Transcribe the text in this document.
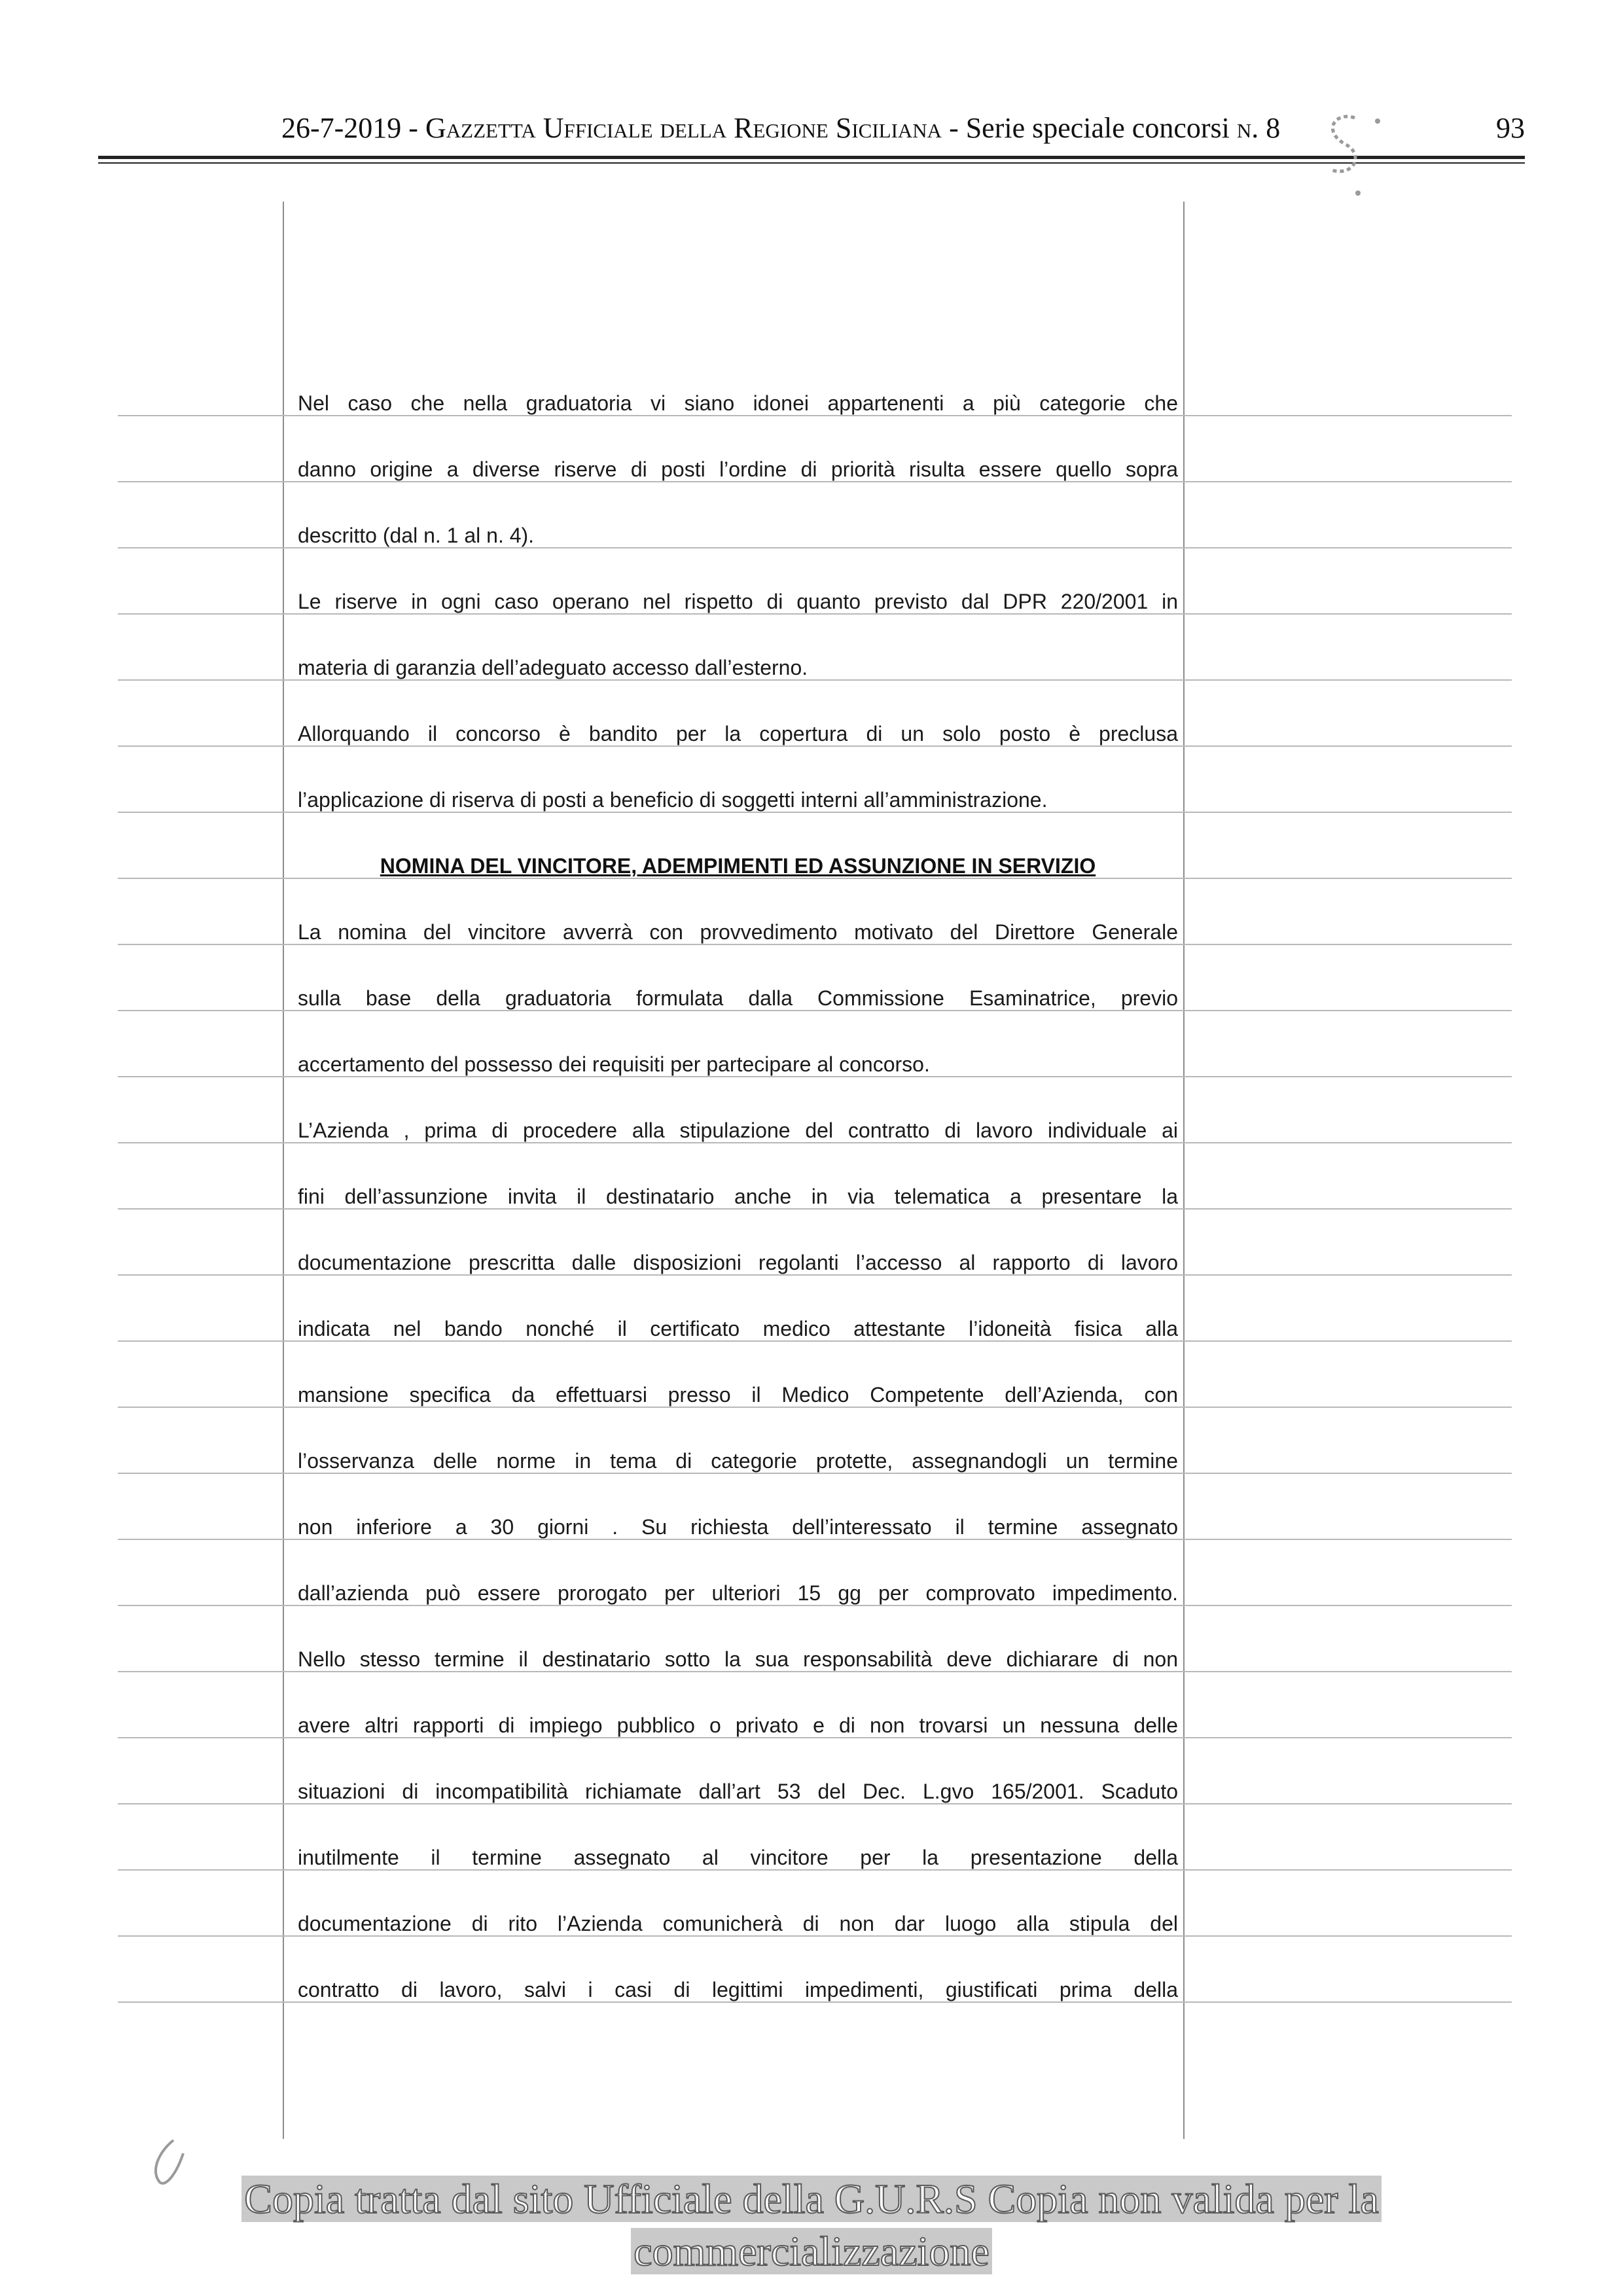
26-7-2019 - Gazzetta Ufficiale della Regione Siciliana - Serie speciale concorsi n. 8	93
Nel caso che nella graduatoria vi siano idonei appartenenti a più categorie che
danno origine a diverse riserve di posti l’ordine di priorità risulta essere quello sopra
descritto (dal n. 1 al n. 4).
Le riserve in ogni caso operano nel rispetto di quanto previsto dal DPR 220/2001 in
materia di garanzia dell’adeguato accesso dall’esterno.
Allorquando il concorso è bandito per la copertura di un solo posto è preclusa
l’applicazione di riserva di posti a beneficio di soggetti interni all’amministrazione.
NOMINA DEL VINCITORE, ADEMPIMENTI ED ASSUNZIONE IN SERVIZIO
La nomina del vincitore avverrà con provvedimento motivato del Direttore Generale
sulla base della graduatoria formulata dalla Commissione Esaminatrice, previo
accertamento del possesso dei requisiti per partecipare al concorso.
L’Azienda , prima di procedere alla stipulazione del contratto di lavoro individuale ai
fini dell’assunzione invita il destinatario anche in via telematica a presentare la
documentazione prescritta dalle disposizioni regolanti l’accesso al rapporto di lavoro
indicata nel bando nonché il certificato medico attestante l’idoneità fisica alla
mansione specifica da effettuarsi presso il Medico Competente dell’Azienda, con
l’osservanza delle norme in tema di categorie protette, assegnandogli un termine
non inferiore a 30 giorni . Su richiesta dell’interessato il termine assegnato
dall’azienda può essere prorogato per ulteriori 15 gg per comprovato impedimento.
Nello stesso termine il destinatario sotto la sua responsabilità deve dichiarare di non
avere altri rapporti di impiego pubblico o privato e di non trovarsi un nessuna delle
situazioni di incompatibilità richiamate dall’art 53 del Dec. L.gvo 165/2001. Scaduto
inutilmente il termine assegnato al vincitore per la presentazione della
documentazione di rito l’Azienda comunicherà di non dar luogo alla stipula del
contratto di lavoro, salvi i casi di legittimi impedimenti, giustificati prima della
Copia tratta dal sito Ufficiale della G.U.R.S Copia non valida per la
commercializzazione
